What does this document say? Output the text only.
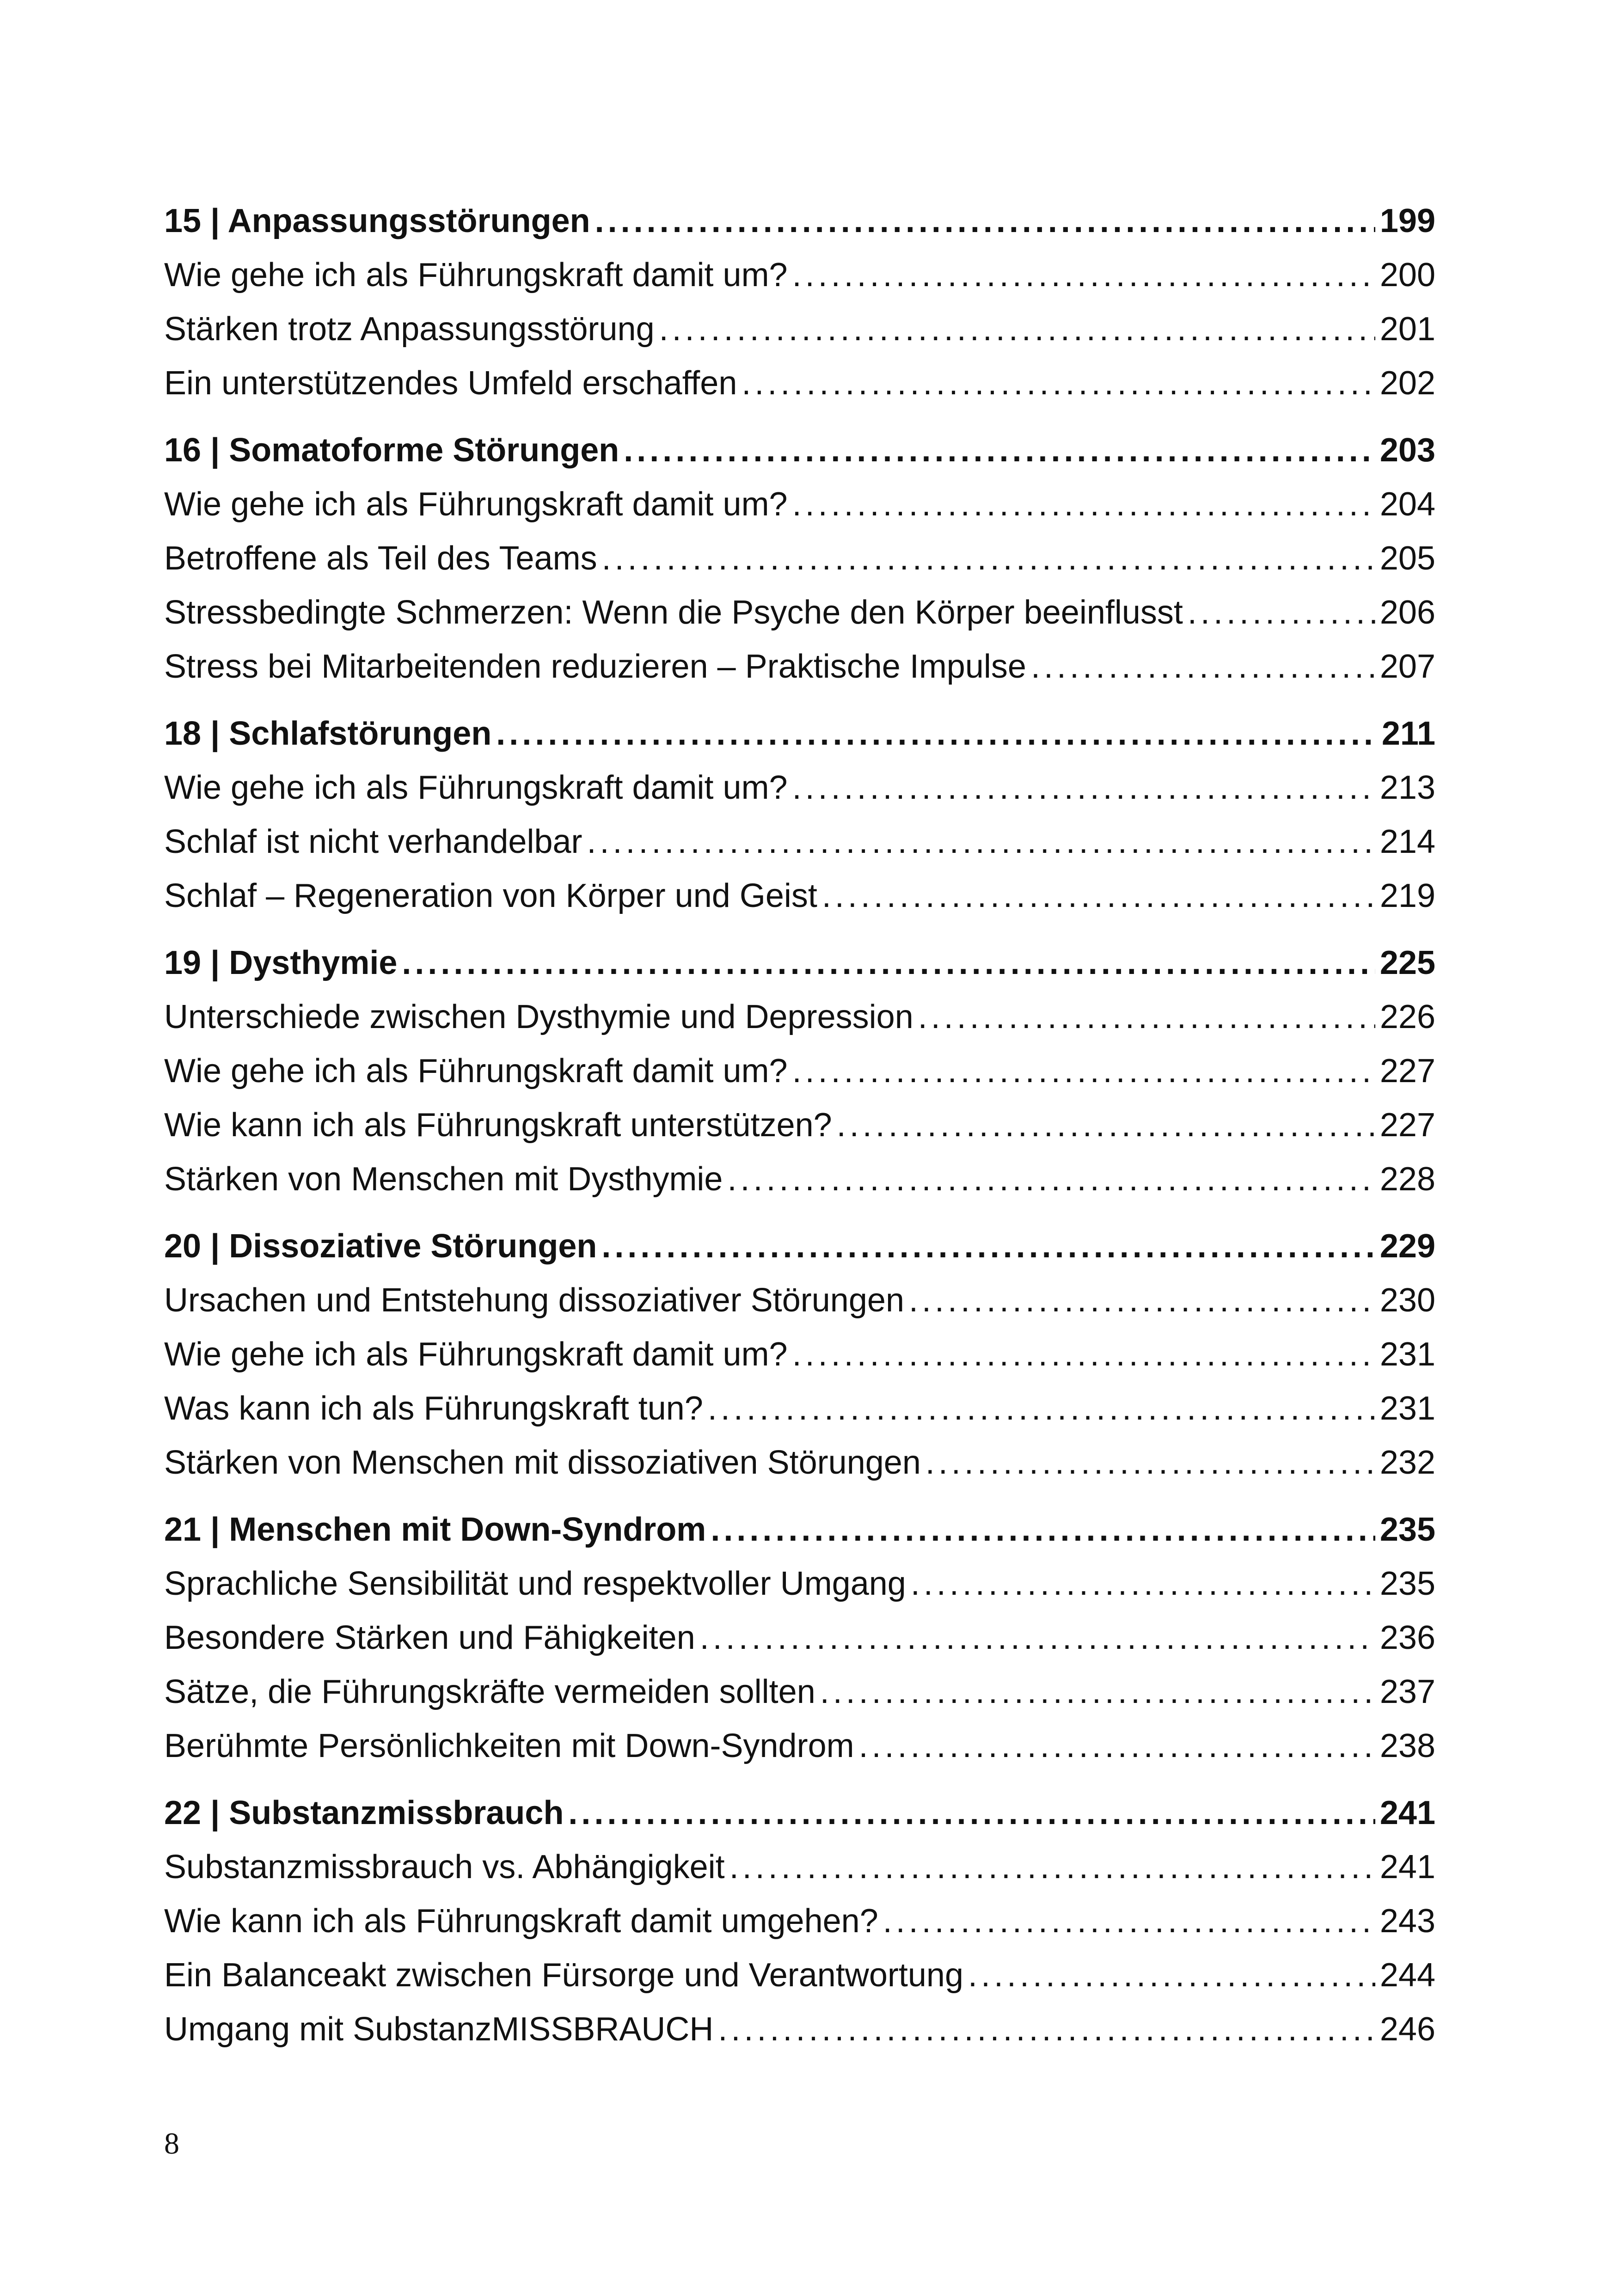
15 | Anpassungsstörungen . . .	199
Wie gehe ich als Führungskraft damit um? . . .	200
Stärken trotz Anpassungsstörung . . .	201
Ein unterstützendes Umfeld erschaffen . . .	202
16 | Somatoforme Störungen . . .	203
Wie gehe ich als Führungskraft damit um? . . .	204
Betroffene als Teil des Teams . . .	205
Stressbedingte Schmerzen: Wenn die Psyche den Körper beeinflusst . . .	206
Stress bei Mitarbeitenden reduzieren – Praktische Impulse . . .	207
18 | Schlafstörungen . . .	211
Wie gehe ich als Führungskraft damit um? . . .	213
Schlaf ist nicht verhandelbar . . .	214
Schlaf – Regeneration von Körper und Geist . . .	219
19 | Dysthymie . . .	225
Unterschiede zwischen Dysthymie und Depression . . .	226
Wie gehe ich als Führungskraft damit um? . . .	227
Wie kann ich als Führungskraft unterstützen? . . .	227
Stärken von Menschen mit Dysthymie . . .	228
20 | Dissoziative Störungen . . .	229
Ursachen und Entstehung dissoziativer Störungen . . .	230
Wie gehe ich als Führungskraft damit um? . . .	231
Was kann ich als Führungskraft tun? . . .	231
Stärken von Menschen mit dissoziativen Störungen . . .	232
21 | Menschen mit Down-Syndrom . . .	235
Sprachliche Sensibilität und respektvoller Umgang . . .	235
Besondere Stärken und Fähigkeiten . . .	236
Sätze, die Führungskräfte vermeiden sollten . . .	237
Berühmte Persönlichkeiten mit Down-Syndrom . . .	238
22 | Substanzmissbrauch . . .	241
Substanzmissbrauch vs. Abhängigkeit . . .	241
Wie kann ich als Führungskraft damit umgehen? . . .	243
Ein Balanceakt zwischen Fürsorge und Verantwortung . . .	244
Umgang mit SubstanzMISSBRAUCH . . .	246
8
